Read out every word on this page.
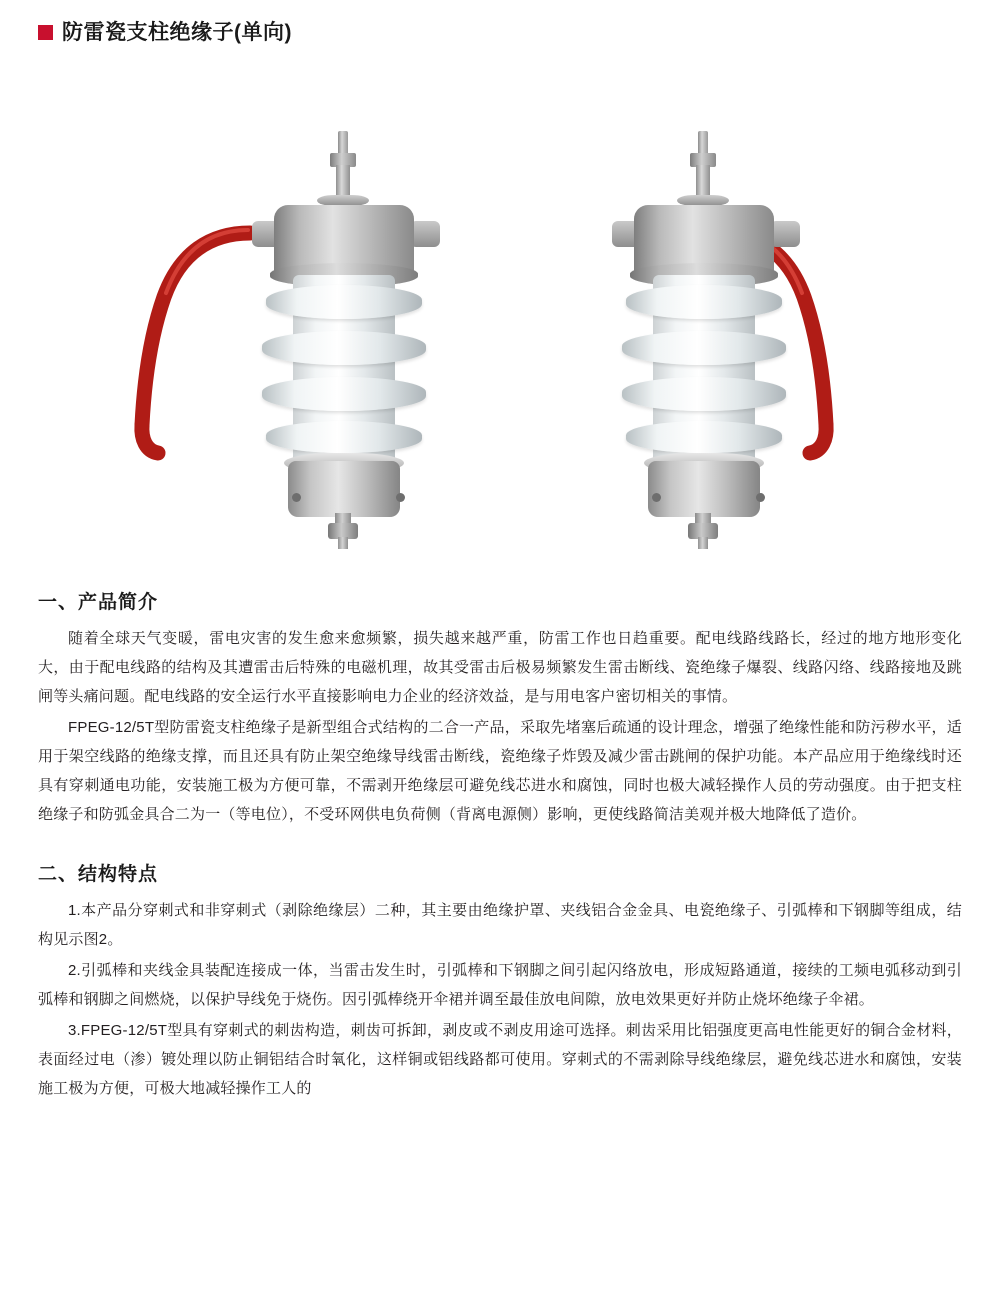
防雷瓷支柱绝缘子(单向)
一、产品简介

随着全球天气变暖，雷电灾害的发生愈来愈频繁，损失越来越严重，防雷工作也日趋重要。配电线路线路长，经过的地方地形变化大，由于配电线路的结构及其遭雷击后特殊的电磁机理，故其受雷击后极易频繁发生雷击断线、瓷绝缘子爆裂、线路闪络、线路接地及跳闸等头痛问题。配电线路的安全运行水平直接影响电力企业的经济效益，是与用电客户密切相关的事情。

FPEG-12/5T型防雷瓷支柱绝缘子是新型组合式结构的二合一产品，采取先堵塞后疏通的设计理念，增强了绝缘性能和防污秽水平，适用于架空线路的绝缘支撑，而且还具有防止架空绝缘导线雷击断线，瓷绝缘子炸毁及减少雷击跳闸的保护功能。本产品应用于绝缘线时还具有穿刺通电功能，安装施工极为方便可靠，不需剥开绝缘层可避免线芯进水和腐蚀，同时也极大减轻操作人员的劳动强度。由于把支柱绝缘子和防弧金具合二为一（等电位），不受环网供电负荷侧（背离电源侧）影响，更使线路简洁美观并极大地降低了造价。

二、结构特点

1.本产品分穿刺式和非穿刺式（剥除绝缘层）二种，其主要由绝缘护罩、夹线铝合金金具、电瓷绝缘子、引弧棒和下钢脚等组成，结构见示图2。

2.引弧棒和夹线金具装配连接成一体，当雷击发生时，引弧棒和下钢脚之间引起闪络放电，形成短路通道，接续的工频电弧移动到引弧棒和钢脚之间燃烧，以保护导线免于烧伤。因引弧棒绕开伞裙并调至最佳放电间隙，放电效果更好并防止烧坏绝缘子伞裙。

3.FPEG-12/5T型具有穿刺式的刺齿构造，刺齿可拆卸，剥皮或不剥皮用途可选择。刺齿采用比铝强度更高电性能更好的铜合金材料，表面经过电（渗）镀处理以防止铜铝结合时氧化，这样铜或铝线路都可使用。穿刺式的不需剥除导线绝缘层，避免线芯进水和腐蚀，安装施工极为方便，可极大地减轻操作工人的
